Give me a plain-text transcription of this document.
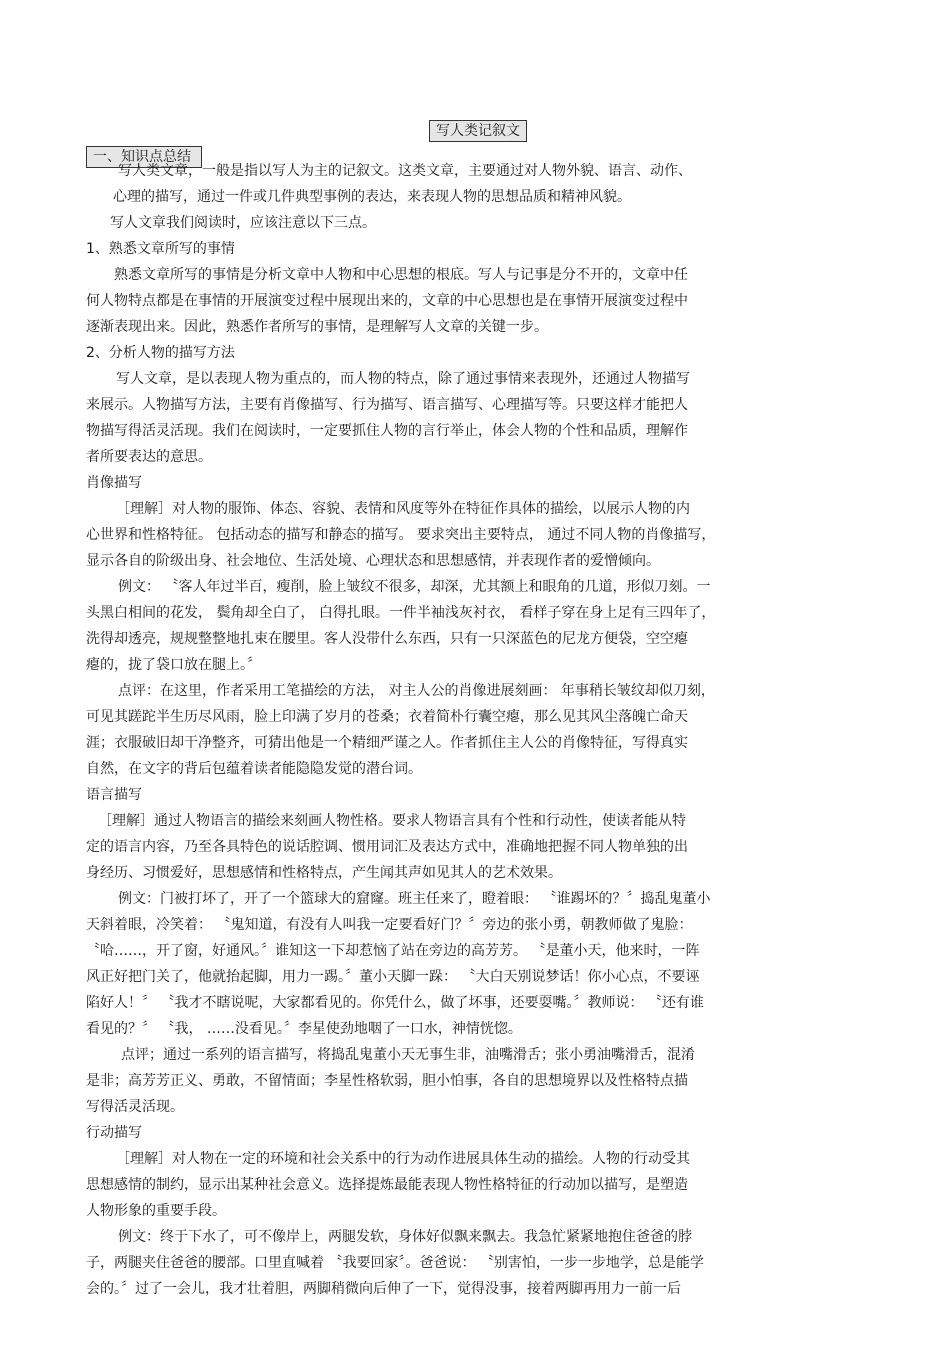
写人类记叙文
一、知识点总结
写人类文章，一般是指以写人为主的记叙文。这类文章，主要通过对人物外貌、语言、动作、
心理的描写，通过一件或几件典型事例的表达，来表现人物的思想品质和精神风貌。
写人文章我们阅读时，应该注意以下三点。
1、熟悉文章所写的事情
熟悉文章所写的事情是分析文章中人物和中心思想的根底。写人与记事是分不开的，文章中任
何人物特点都是在事情的开展演变过程中展现出来的，文章的中心思想也是在事情开展演变过程中
逐渐表现出来。因此，熟悉作者所写的事情，是理解写人文章的关键一步。
2、分析人物的描写方法
写人文章，是以表现人物为重点的，而人物的特点，除了通过事情来表现外，还通过人物描写
来展示。人物描写方法，主要有肖像描写、行为描写、语言描写、心理描写等。只要这样才能把人
物描写得活灵活现。我们在阅读时，一定要抓住人物的言行举止，体会人物的个性和品质，理解作
者所要表达的意思。
肖像描写
［理解］对人物的服饰、体态、容貌、表情和风度等外在特征作具体的描绘，以展示人物的内
心世界和性格特征。 包括动态的描写和静态的描写。 要求突出主要特点， 通过不同人物的肖像描写，
显示各自的阶级出身、社会地位、生活处境、心理状态和思想感情，并表现作者的爱憎倾向。
例文： 〝客人年过半百，瘦削，脸上皱纹不很多，却深，尤其额上和眼角的几道，形似刀刻。一
头黑白相间的花发， 鬓角却全白了， 白得扎眼。一件半袖浅灰衬衣， 看样子穿在身上足有三四年了，
洗得却透亮，规规整整地扎束在腰里。客人没带什么东西，只有一只深蓝色的尼龙方便袋，空空瘪
瘪的，拢了袋口放在腿上。〞
点评：在这里，作者采用工笔描绘的方法， 对主人公的肖像进展刻画： 年事稍长皱纹却似刀刻，
可见其蹉跎半生历尽风雨，脸上印满了岁月的苍桑；衣着简朴行囊空瘪，那么见其风尘落魄亡命天
涯；衣服破旧却干净整齐，可猜出他是一个精细严谨之人。作者抓住主人公的肖像特征，写得真实
自然，在文字的背后包蕴着读者能隐隐发觉的潜台词。
语言描写
［理解］通过人物语言的描绘来刻画人物性格。要求人物语言具有个性和行动性，使读者能从特
定的语言内容，乃至各具特色的说话腔调、惯用词汇及表达方式中，准确地把握不同人物单独的出
身经历、习惯爱好，思想感情和性格特点，产生闻其声如见其人的艺术效果。
例文：门被打坏了，开了一个篮球大的窟窿。班主任来了，瞪着眼： 〝谁踢坏的？〞捣乱鬼董小
天斜着眼，冷笑着： 〝鬼知道，有没有人叫我一定要看好门？〞旁边的张小勇，朝教师做了鬼脸：
〝哈……，开了窗，好通风。〞谁知这一下却惹恼了站在旁边的高芳芳。 〝是董小天，他来时，一阵
风正好把门关了，他就抬起脚，用力一踢。〞董小天脚一跺： 〝大白天别说梦话！你小心点，不要诬
陷好人！〞 〝我才不瞎说呢，大家都看见的。你凭什么，做了坏事，还要耍嘴。〞教师说： 〝还有谁
看见的？〞 〝我， ……没看见。〞李星使劲地咽了一口水，神情恍惚。
点评；通过一系列的语言描写，将捣乱鬼董小天无事生非，油嘴滑舌；张小勇油嘴滑舌，混淆
是非；高芳芳正义、勇敢，不留情面；李星性格软弱，胆小怕事，各自的思想境界以及性格特点描
写得活灵活现。
行动描写
［理解］对人物在一定的环境和社会关系中的行为动作进展具体生动的描绘。人物的行动受其
思想感情的制约，显示出某种社会意义。选择提炼最能表现人物性格特征的行动加以描写，是塑造
人物形象的重要手段。
例文：终于下水了，可不像岸上，两腿发软，身体好似飘来飘去。我急忙紧紧地抱住爸爸的脖
子，两腿夹住爸爸的腰部。口里直喊着 〝我要回家〞。爸爸说： 〝别害怕，一步一步地学，总是能学
会的。〞过了一会儿，我才壮着胆，两脚稍微向后伸了一下，觉得没事，接着两脚再用力一前一后
